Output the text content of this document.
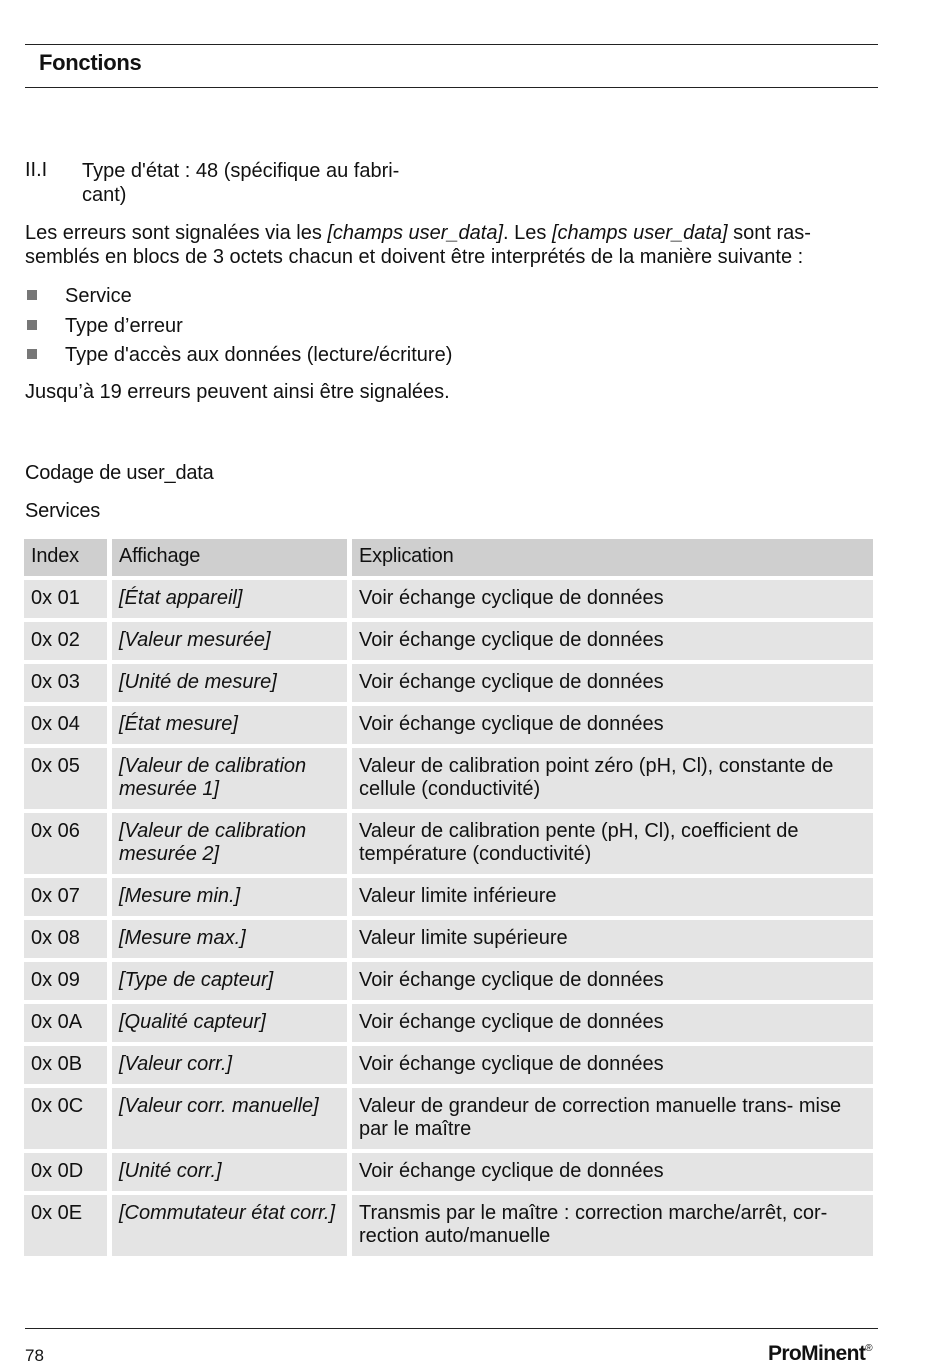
Fonctions
II.I Type d'état : 48 (spécifique au fabri- cant)
Les erreurs sont signalées via les [champs user_data]. Les [champs user_data] sont ras- semblés en blocs de 3 octets chacun et doivent être interprétés de la manière suivante :
Service
Type d’erreur
Type d'accès aux données (lecture/écriture)
Jusqu’à 19 erreurs peuvent ainsi être signalées.
Codage de user_data
Services
Index	Affichage	Explication
0x 01	[État appareil]	Voir échange cyclique de données
0x 02	[Valeur mesurée]	Voir échange cyclique de données
0x 03	[Unité de mesure]	Voir échange cyclique de données
0x 04	[État mesure]	Voir échange cyclique de données
0x 05	[Valeur de calibration mesurée 1]	Valeur de calibration point zéro (pH, Cl), constante de cellule (conductivité)
0x 06	[Valeur de calibration mesurée 2]	Valeur de calibration pente (pH, Cl), coefficient de température (conductivité)
0x 07	[Mesure min.]	Valeur limite inférieure
0x 08	[Mesure max.]	Valeur limite supérieure
0x 09	[Type de capteur]	Voir échange cyclique de données
0x 0A	[Qualité capteur]	Voir échange cyclique de données
0x 0B	[Valeur corr.]	Voir échange cyclique de données
0x 0C	[Valeur corr. manuelle]	Valeur de grandeur de correction manuelle trans- mise par le maître
0x 0D	[Unité corr.]	Voir échange cyclique de données
0x 0E	[Commutateur état corr.]	Transmis par le maître : correction marche/arrêt, cor- rection auto/manuelle
78	ProMinent®
